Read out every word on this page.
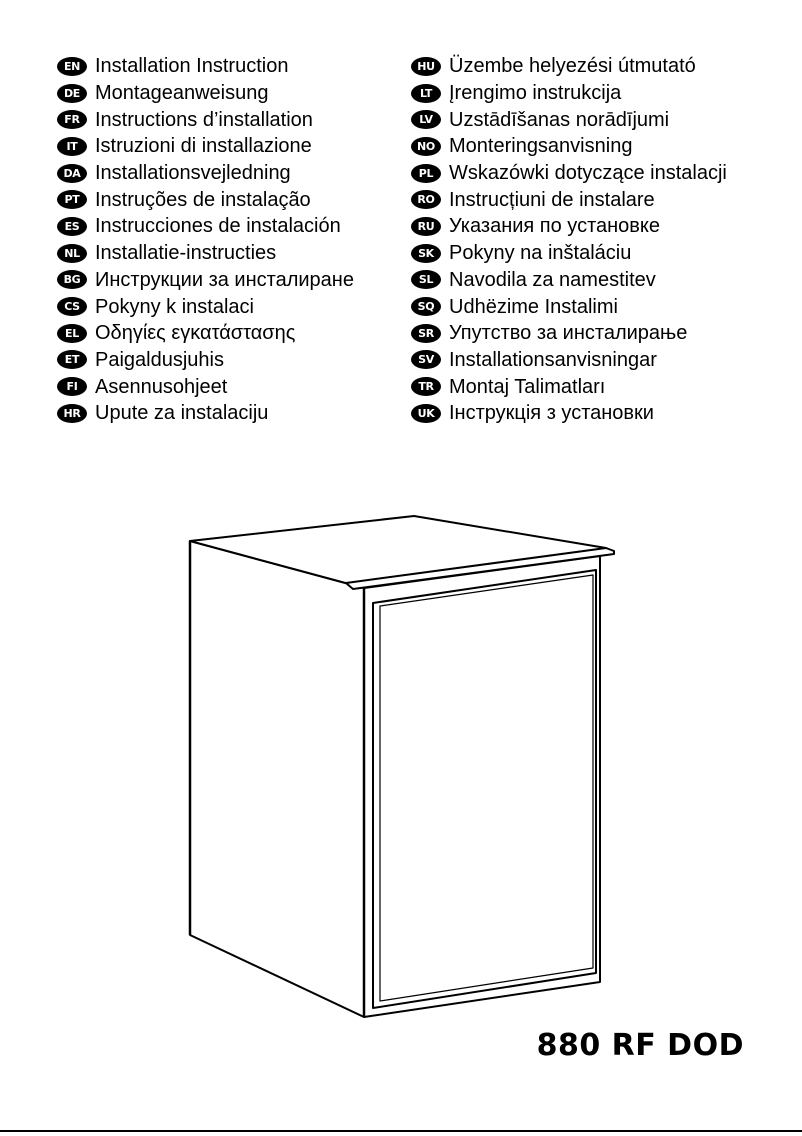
EN Installation Instruction
DE Montageanweisung
FR Instructions d’installation
IT Istruzioni di installazione
DA Installationsvejledning
PT Instruções de instalação
ES Instrucciones de instalación
NL Installatie-instructies
BG Инструкции за инсталиране
CS Pokyny k instalaci
EL Οδηγίες εγκατάστασης
ET Paigaldusjuhis
FI Asennusohjeet
HR Upute za instalaciju
HU Üzembe helyezési útmutató
LT Įrengimo instrukcija
LV Uzstādīšanas norādījumi
NO Monteringsanvisning
PL Wskazówki dotyczące instalacji
RO Instrucțiuni de instalare
RU Указания по установке
SK Pokyny na inštaláciu
SL Navodila za namestitev
SQ Udhëzime Instalimi
SR Упутство за инсталирање
SV Installationsanvisningar
TR Montaj Talimatları
UK Інструкція з установки
880 RF DOD
